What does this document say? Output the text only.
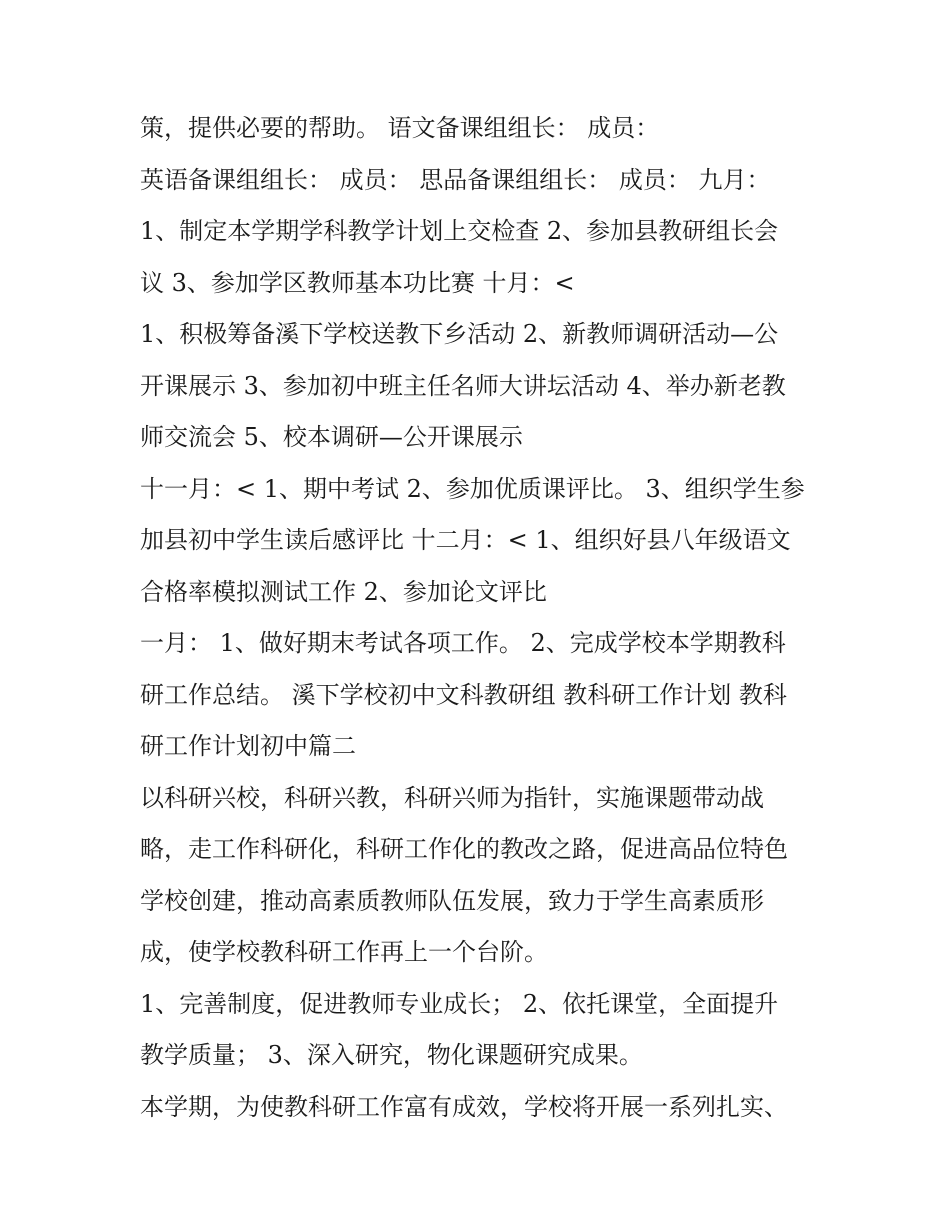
策，提供必要的帮助。 语文备课组组长： 成员：
英语备课组组长： 成员： 思品备课组组长： 成员： 九月：
1、制定本学期学科教学计划上交检查 2、参加县教研组长会
议 3、参加学区教师基本功比赛 十月：<
1、积极筹备溪下学校送教下乡活动 2、新教师调研活动—公
开课展示 3、参加初中班主任名师大讲坛活动 4、举办新老教
师交流会 5、校本调研—公开课展示
十一月：< 1、期中考试 2、参加优质课评比。 3、组织学生参
加县初中学生读后感评比 十二月：< 1、组织好县八年级语文
合格率模拟测试工作 2、参加论文评比
一月： 1、做好期末考试各项工作。 2、完成学校本学期教科
研工作总结。 溪下学校初中文科教研组 教科研工作计划 教科
研工作计划初中篇二
以科研兴校，科研兴教，科研兴师为指针，实施课题带动战
略，走工作科研化，科研工作化的教改之路，促进高品位特色
学校创建，推动高素质教师队伍发展，致力于学生高素质形
成，使学校教科研工作再上一个台阶。
1、完善制度，促进教师专业成长； 2、依托课堂，全面提升
教学质量； 3、深入研究，物化课题研究成果。
本学期，为使教科研工作富有成效，学校将开展一系列扎实、
